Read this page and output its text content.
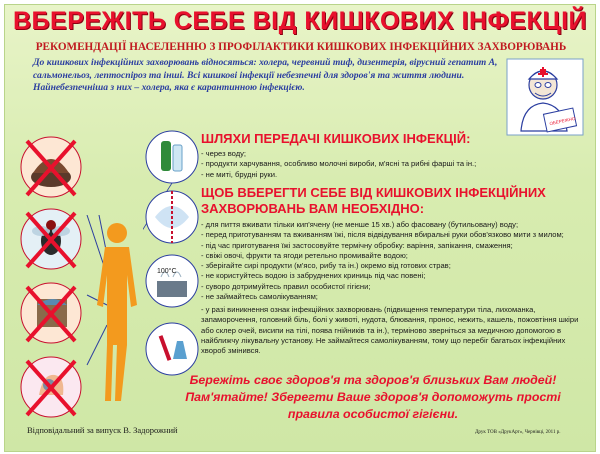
ВБЕРЕЖІТЬ СЕБЕ ВІД КИШКОВИХ ІНФЕКЦІЙ
РЕКОМЕНДАЦІЇ НАСЕЛЕННЮ З ПРОФІЛАКТИКИ КИШКОВИХ ІНФЕКЦІЙНИХ ЗАХВОРЮВАНЬ
До кишкових інфекційних захворювань відносяться: холера, черевний тиф, дизентерія, вірусний гепатит А, сальмонельоз, лептоспіроз та інші. Всі кишкові інфекції небезпечні для здоров'я та життя людини. Найнебезпечніша з них – холера, яка є карантинною інфекцією.
ОБЕРЕЖНО
100°C
ШЛЯХИ ПЕРЕДАЧІ КИШКОВИХ ІНФЕКЦІЙ:
- через воду;
- продукти харчування, особливо молочні вироби, м'ясні та рибні фарші та ін.;
- не миті, брудні руки.
ЩОБ ВБЕРЕГТИ СЕБЕ ВІД КИШКОВИХ ІНФЕКЦІЙНИХ
ЗАХВОРЮВАНЬ ВАМ НЕОБХІДНО:
- для пиття вживати тільки кип'ячену (не менше 15 хв.) або фасовану (бутильовану) воду;
- перед приготуванням та вживанням їжі, після відвідування вбиральні руки обов'язково мити з милом;
- під час приготування їжі застосовуйте термічну обробку: варіння, запікання, смаження;
- свіжі овочі, фрукти та ягоди ретельно промивайте водою;
- зберігайте сирі продукти (м'ясо, рибу та ін.) окремо від готових страв;
- не користуйтесь водою із забруднених криниць під час повені;
- суворо дотримуйтесь правил особистої гігієни;
- не займайтесь самолікуванням;
- у разі виникнення ознак інфекційних захворювань (підвищення температури тіла, лихоманка, запаморочення, головний біль, болі у животі, нудота, блювання, пронос, нежить, кашель, пожовтіння шкіри або склер очей, висипи на тілі, поява гнійників та ін.), терміново зверніться за медичною допомогою в найближчу лікувальну установу. Не займайтеся самолікуванням, тому що перебіг багатьох інфекційних хвороб змінився.
Бережіть своє здоров'я та здоров'я близьких Вам людей!
Пам'ятайте! Зберегти Ваше здоров'я допоможуть прості
правила особистої гігієни.
Відповідальний за випуск В. Задорожний	Друк ТОВ «ДрукАрт», Чернівці, 2011 р.
